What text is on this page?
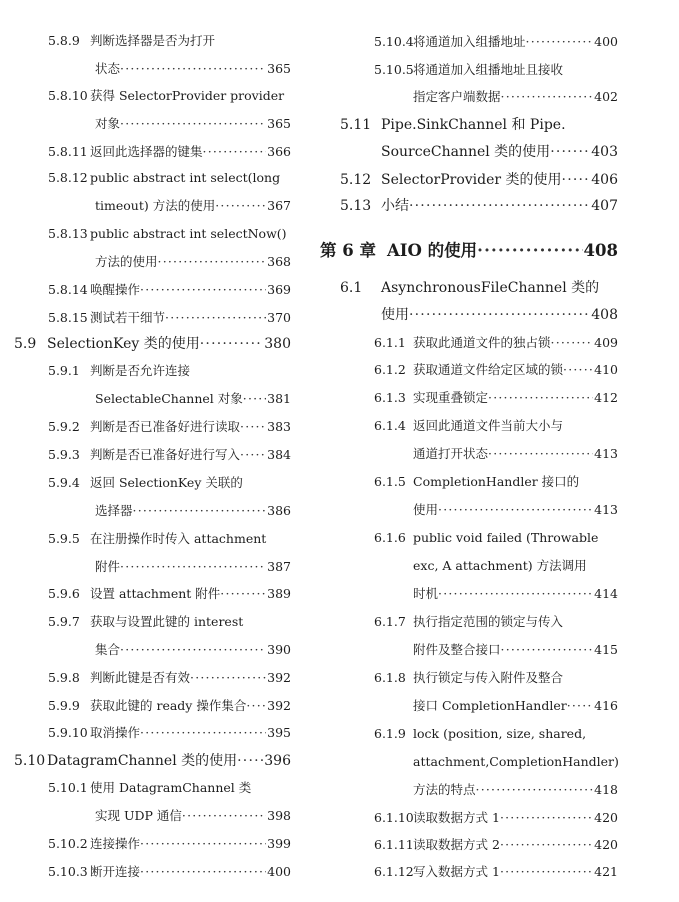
5.8.9 判断选择器是否为打开
状态 ·····	365
5.8.10 获得 SelectorProvider provider
对象 ·····	365
5.8.11 返回此选择器的键集 ·····	366
5.8.12 public abstract int select(long
timeout) 方法的使用 ·····	367
5.8.13 public abstract int selectNow()
方法的使用 ·····	368
5.8.14 唤醒操作 ·····	369
5.8.15 测试若干细节 ·····	370
5.9 SelectionKey 类的使用 ·····	380
5.9.1 判断是否允许连接
SelectableChannel 对象 ····· 381
5.9.2 判断是否已准备好进行读取 ····· 383
5.9.3 判断是否已准备好进行写入 ····· 384
5.9.4 返回 SelectionKey 关联的
选择器 ·····	386
5.9.5 在注册操作时传入 attachment
附件 ·····	387
5.9.6 设置 attachment 附件 ·····	389
5.9.7 获取与设置此键的 interest
集合 ·····	390
5.9.8 判断此键是否有效 ·····	392
5.9.9 获取此键的 ready 操作集合 ····· 392
5.9.10 取消操作 ·····	395
5.10 DatagramChannel 类的使用 ····· 396
5.10.1 使用 DatagramChannel 类
实现 UDP 通信 ·····	398
5.10.2 连接操作 ·····	399
5.10.3 断开连接 ·····	400
5.10.4 将通道加入组播地址 ·····	400
5.10.5 将通道加入组播地址且接收
指定客户端数据 ·····	402
5.11 Pipe.SinkChannel 和 Pipe.
SourceChannel 类的使用 ·····	403
5.12 SelectorProvider 类的使用 ····· 406
5.13 小结 ·····	407
第 6 章 AIO 的使用 ·····	408
6.1 AsynchronousFileChannel 类的
使用 ·····	408
6.1.1 获取此通道文件的独占锁 ·····	409
6.1.2 获取通道文件给定区域的锁 ····· 410
6.1.3 实现重叠锁定 ·····	412
6.1.4 返回此通道文件当前大小与
通道打开状态 ·····	413
6.1.5 CompletionHandler 接口的
使用 ·····	413
6.1.6 public void failed (Throwable
exc, A attachment) 方法调用
时机 ·····	414
6.1.7 执行指定范围的锁定与传入
附件及整合接口 ·····	415
6.1.8 执行锁定与传入附件及整合
接口 CompletionHandler ····· 416
6.1.9 lock (position, size, shared,
attachment,CompletionHandler)
方法的特点 ·····	418
6.1.10 读取数据方式 1 ·····	420
6.1.11 读取数据方式 2 ·····	420
6.1.12 写入数据方式 1 ·····	421
